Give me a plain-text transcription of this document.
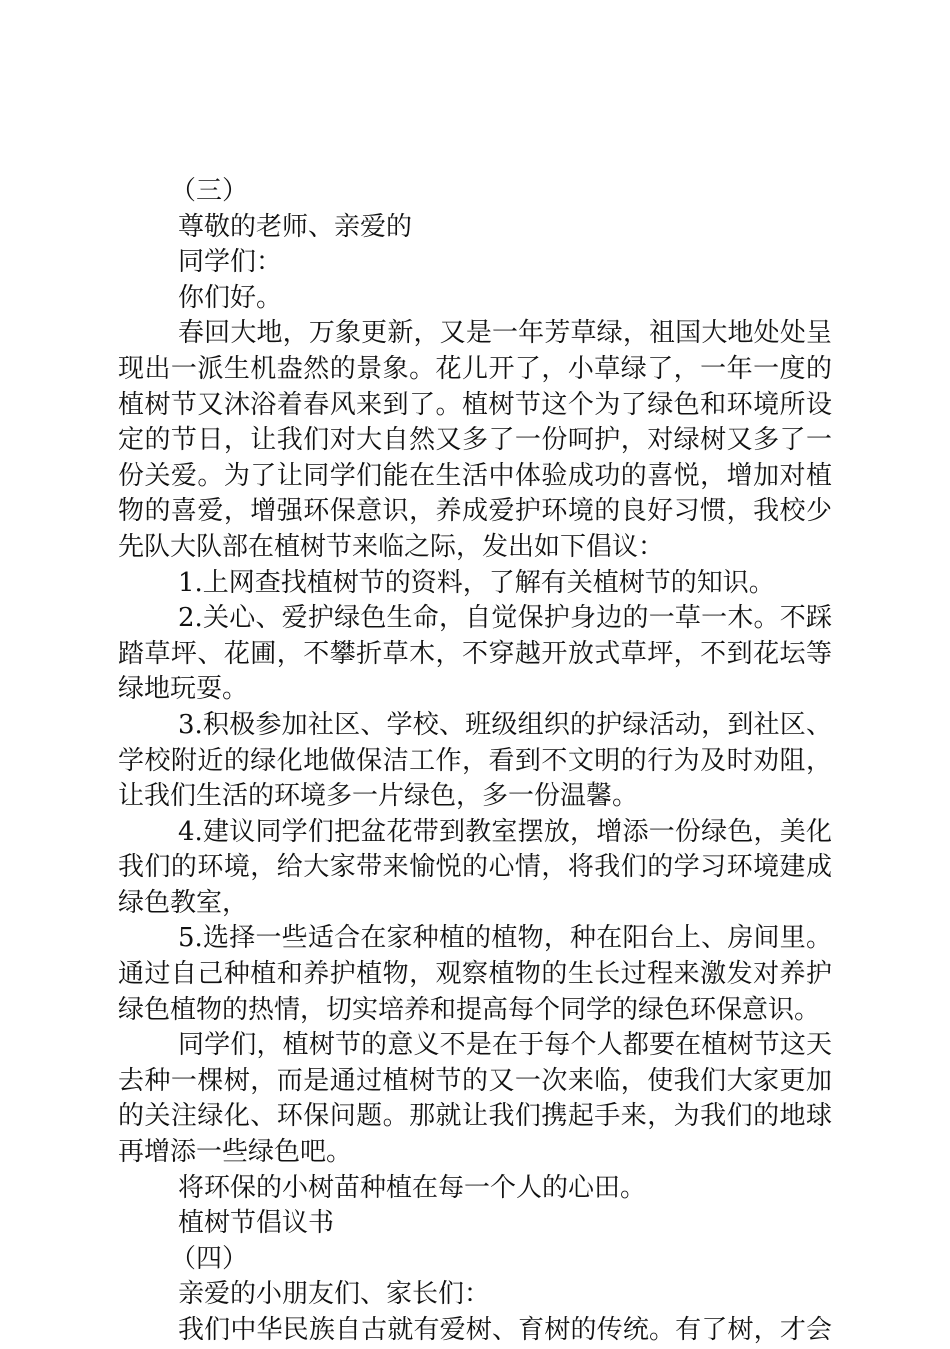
（三）
尊敬的老师、亲爱的
同学们：
你们好。
春回大地，万象更新，又是一年芳草绿，祖国大地处处呈
现出一派生机盎然的景象。花儿开了，小草绿了，一年一度的
植树节又沐浴着春风来到了。植树节这个为了绿色和环境所设
定的节日，让我们对大自然又多了一份呵护，对绿树又多了一
份关爱。为了让同学们能在生活中体验成功的喜悦，增加对植
物的喜爱，增强环保意识，养成爱护环境的良好习惯，我校少
先队大队部在植树节来临之际，发出如下倡议：
1.上网查找植树节的资料，了解有关植树节的知识。
2.关心、爱护绿色生命，自觉保护身边的一草一木。不踩
踏草坪、花圃，不攀折草木，不穿越开放式草坪，不到花坛等
绿地玩耍。
3.积极参加社区、学校、班级组织的护绿活动，到社区、
学校附近的绿化地做保洁工作，看到不文明的行为及时劝阻，
让我们生活的环境多一片绿色，多一份温馨。
4.建议同学们把盆花带到教室摆放，增添一份绿色，美化
我们的环境，给大家带来愉悦的心情，将我们的学习环境建成
绿色教室，
5.选择一些适合在家种植的植物，种在阳台上、房间里。
通过自己种植和养护植物，观察植物的生长过程来激发对养护
绿色植物的热情，切实培养和提高每个同学的绿色环保意识。
同学们，植树节的意义不是在于每个人都要在植树节这天
去种一棵树，而是通过植树节的又一次来临，使我们大家更加
的关注绿化、环保问题。那就让我们携起手来，为我们的地球
再增添一些绿色吧。
将环保的小树苗种植在每一个人的心田。
植树节倡议书
（四）
亲爱的小朋友们、家长们：
我们中华民族自古就有爱树、育树的传统。有了树，才会
